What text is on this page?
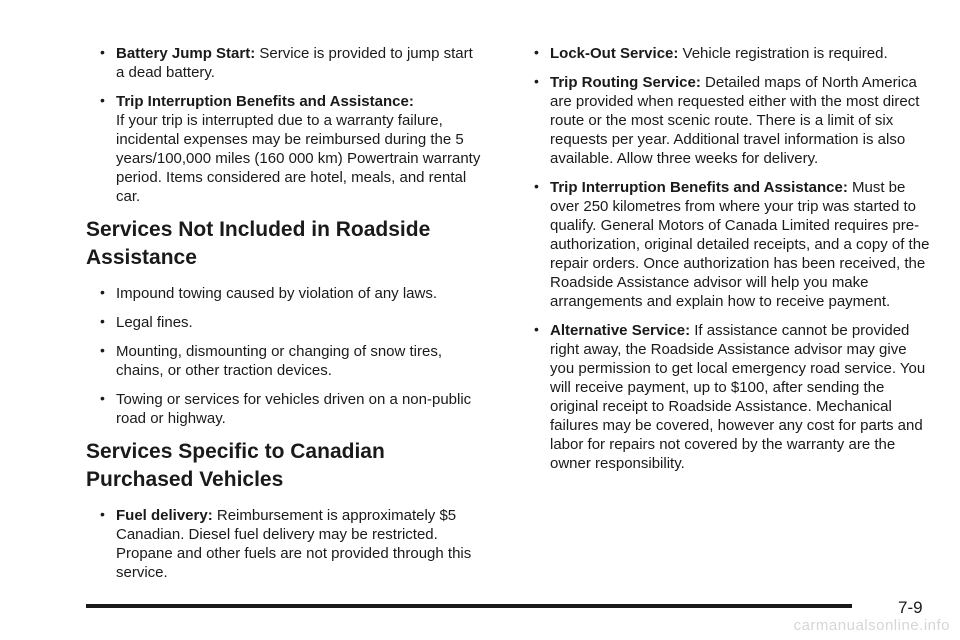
• Battery Jump Start: Service is provided to jump start a dead battery.
• Trip Interruption Benefits and Assistance:
If your trip is interrupted due to a warranty failure, incidental expenses may be reimbursed during the 5 years/100,000 miles (160 000 km) Powertrain warranty period. Items considered are hotel, meals, and rental car.
Services Not Included in Roadside Assistance
• Impound towing caused by violation of any laws.
• Legal fines.
• Mounting, dismounting or changing of snow tires, chains, or other traction devices.
• Towing or services for vehicles driven on a non-public road or highway.
Services Specific to Canadian Purchased Vehicles
• Fuel delivery: Reimbursement is approximately $5 Canadian. Diesel fuel delivery may be restricted. Propane and other fuels are not provided through this service.
• Lock-Out Service: Vehicle registration is required.
• Trip Routing Service: Detailed maps of North America are provided when requested either with the most direct route or the most scenic route. There is a limit of six requests per year. Additional travel information is also available. Allow three weeks for delivery.
• Trip Interruption Benefits and Assistance: Must be over 250 kilometres from where your trip was started to qualify. General Motors of Canada Limited requires pre-authorization, original detailed receipts, and a copy of the repair orders. Once authorization has been received, the Roadside Assistance advisor will help you make arrangements and explain how to receive payment.
• Alternative Service: If assistance cannot be provided right away, the Roadside Assistance advisor may give you permission to get local emergency road service. You will receive payment, up to $100, after sending the original receipt to Roadside Assistance. Mechanical failures may be covered, however any cost for parts and labor for repairs not covered by the warranty are the owner responsibility.
7-9
carmanualsonline.info
